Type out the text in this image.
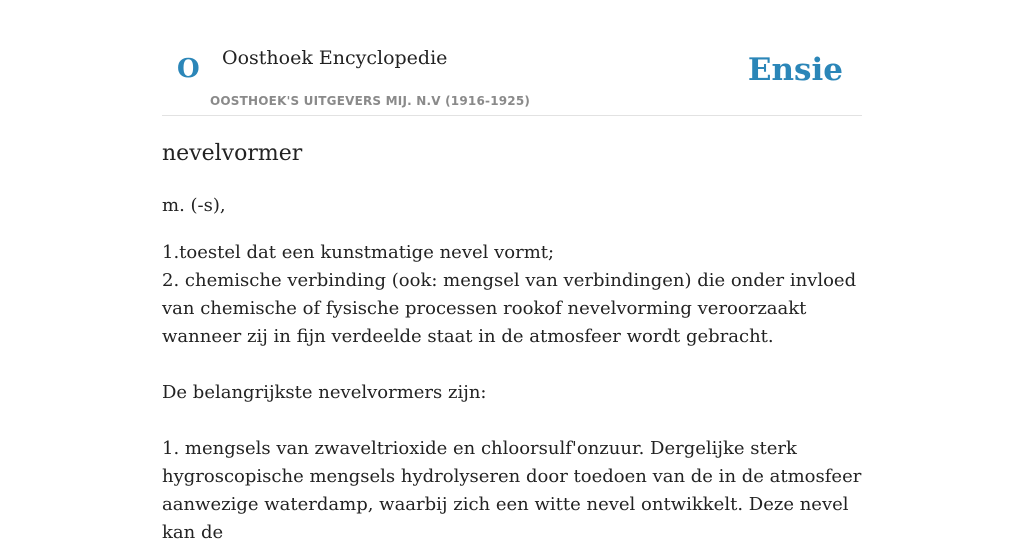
O Oosthoek Encyclopedie
OOSTHOEK'S UITGEVERS MIJ. N.V (1916-1925)
Ensie
nevelvormer

m. (-s),

1.toestel dat een kunstmatige nevel vormt;

2. chemische verbinding (ook: mengsel van verbindingen) die onder invloed van chemische of fysische processen rookof nevelvorming veroorzaakt wanneer zij in fijn verdeelde staat in de atmosfeer wordt gebracht.

De belangrijkste nevelvormers zijn:

1. mengsels van zwaveltrioxide en chloorsulf'onzuur. Dergelijke sterk hygroscopische mengsels hydrolyseren door toedoen van de in de atmosfeer aanwezige waterdamp, waarbij zich een witte nevel ontwikkelt. Deze nevel kan de
